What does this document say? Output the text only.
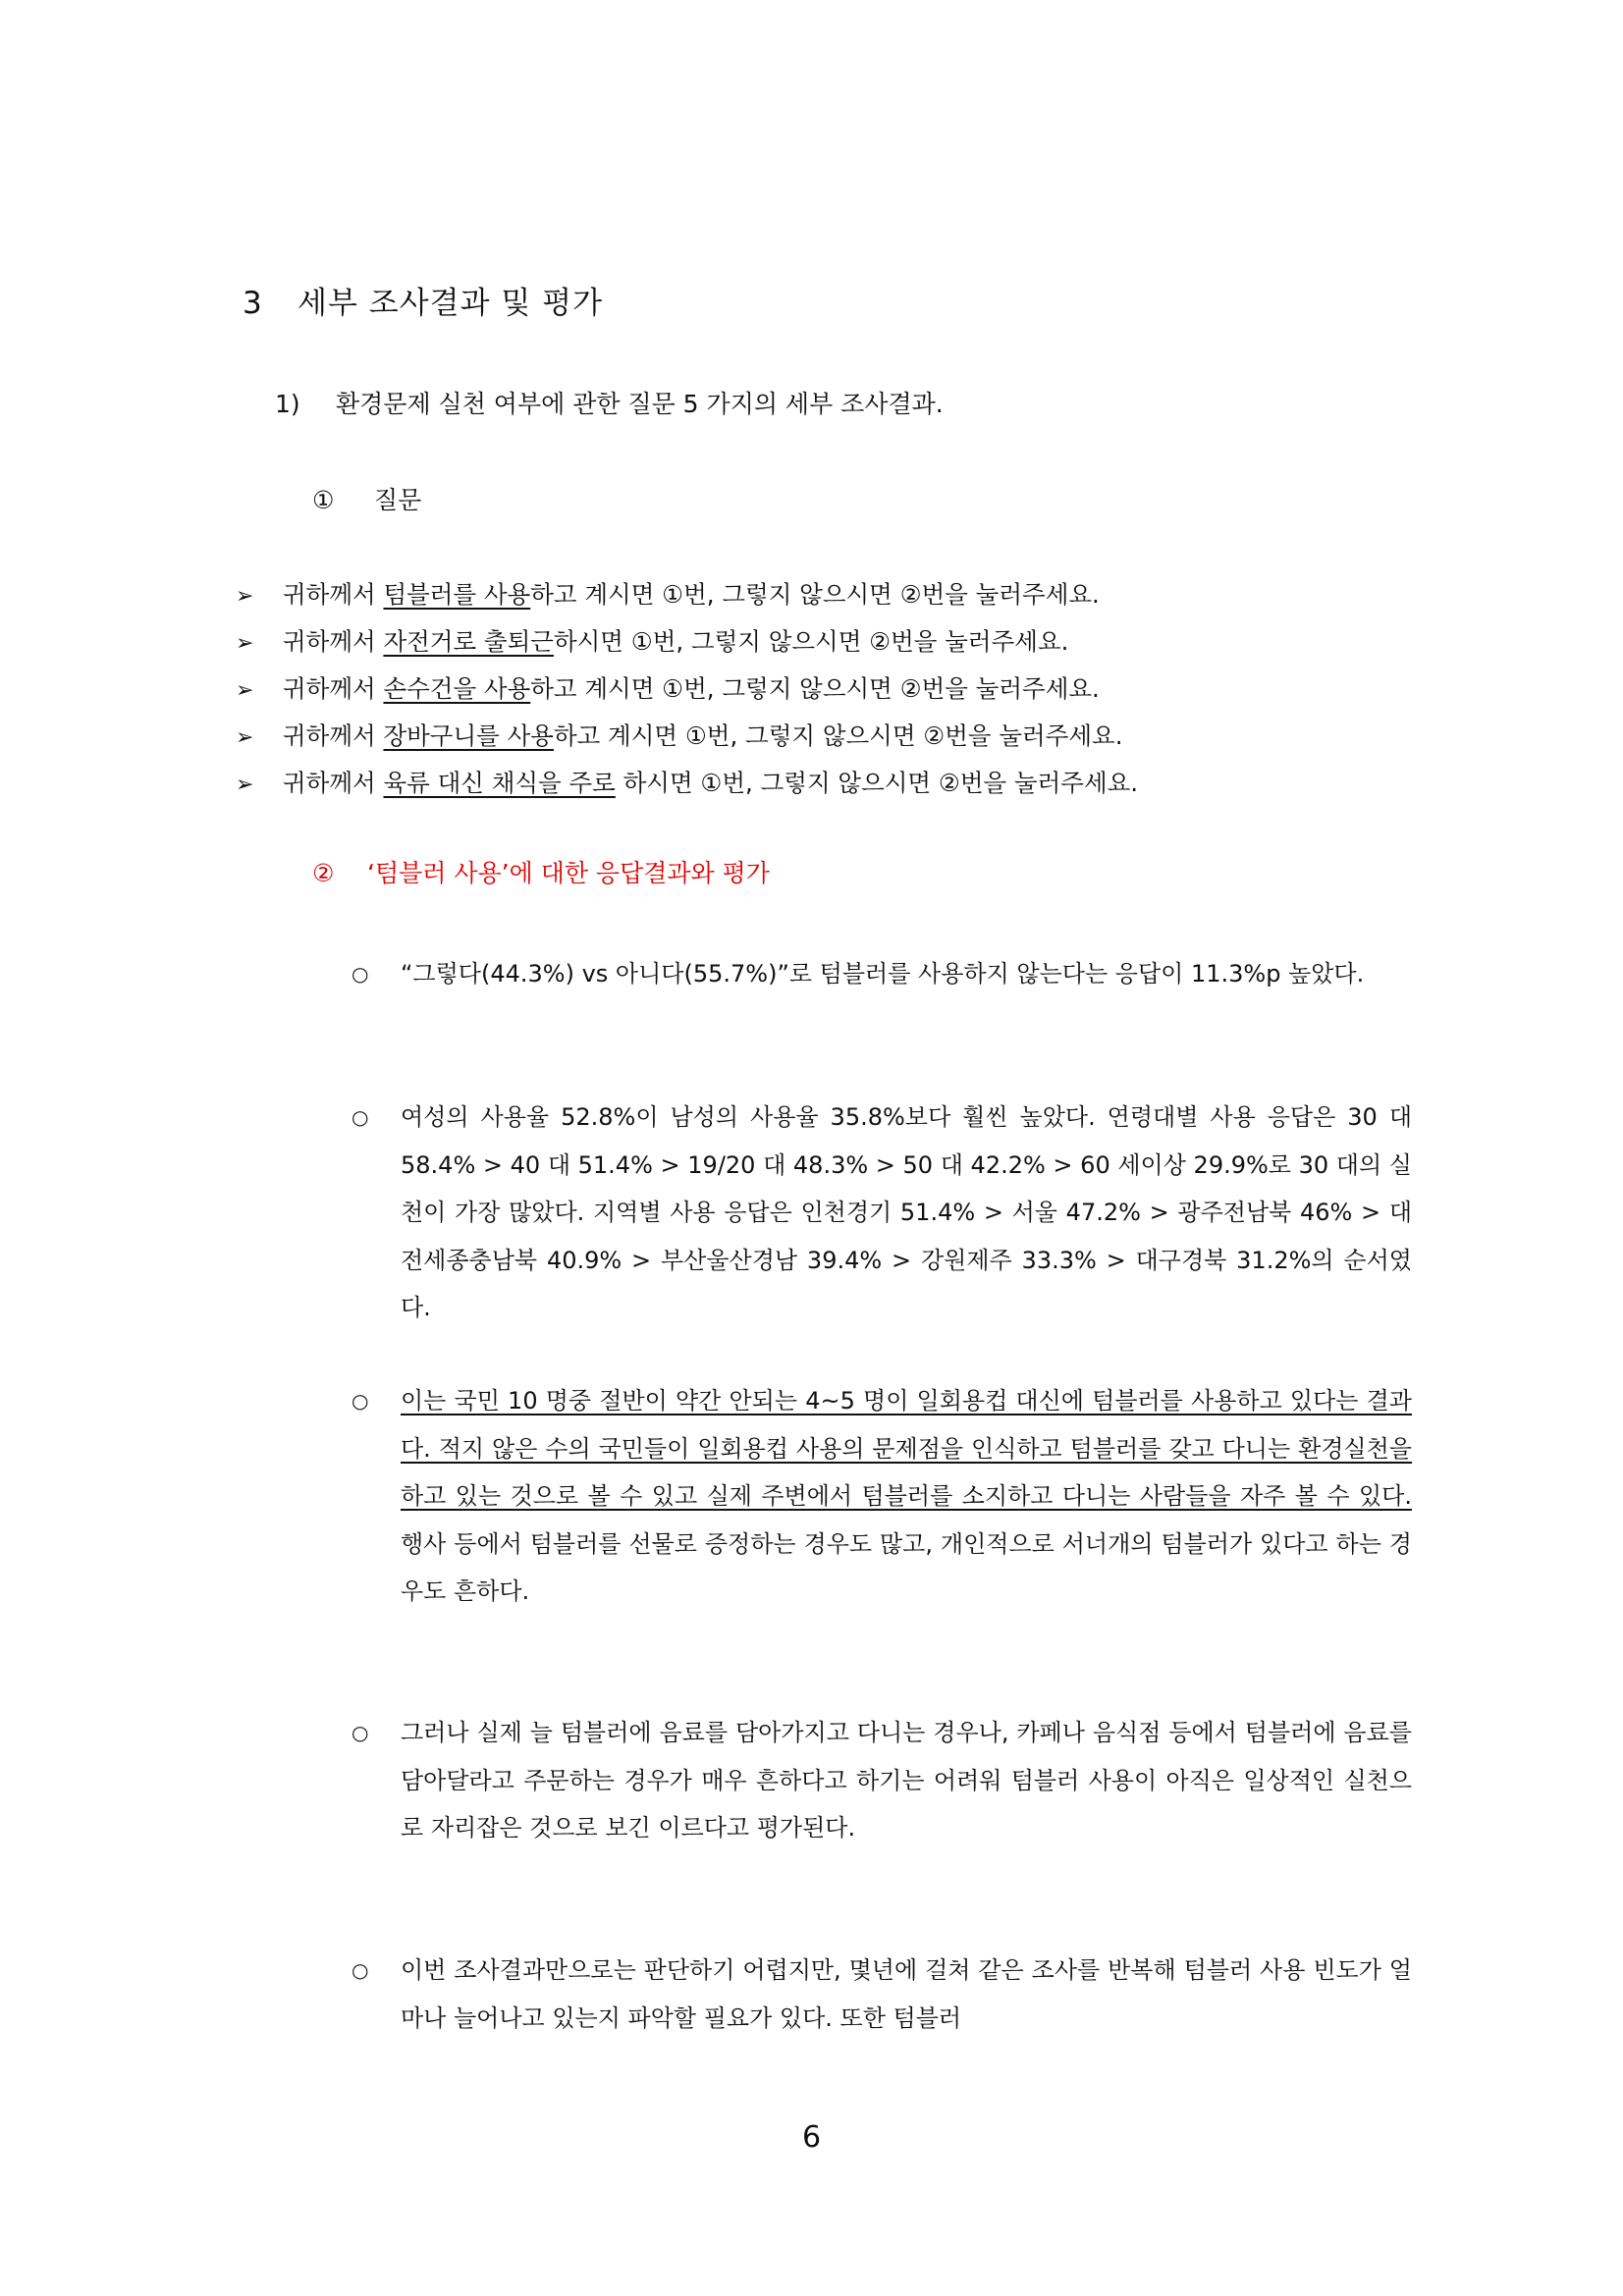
3 세부 조사결과 및 평가
1) 환경문제 실천 여부에 관한 질문 5 가지의 세부 조사결과.
① 질문
➢ 귀하께서 텀블러를 사용하고 계시면 ①번, 그렇지 않으시면 ②번을 눌러주세요.
➢ 귀하께서 자전거로 출퇴근하시면 ①번, 그렇지 않으시면 ②번을 눌러주세요.
➢ 귀하께서 손수건을 사용하고 계시면 ①번, 그렇지 않으시면 ②번을 눌러주세요.
➢ 귀하께서 장바구니를 사용하고 계시면 ①번, 그렇지 않으시면 ②번을 눌러주세요.
➢ 귀하께서 육류 대신 채식을 주로 하시면 ①번, 그렇지 않으시면 ②번을 눌러주세요.
② ‘텀블러 사용’에 대한 응답결과와 평가
○ “그렇다(44.3%) vs 아니다(55.7%)”로 텀블러를 사용하지 않는다는 응답이 11.3%p 높았다.
○ 여성의 사용율 52.8%이 남성의 사용율 35.8%보다 훨씬 높았다. 연령대별 사용 응답은 30 대 58.4% > 40 대 51.4% > 19/20 대 48.3% > 50 대 42.2% > 60 세이상 29.9%로 30 대의 실천이 가장 많았다. 지역별 사용 응답은 인천경기 51.4% > 서울 47.2% > 광주전남북 46% > 대전세종충남북 40.9% > 부산울산경남 39.4% > 강원제주 33.3% > 대구경북 31.2%의 순서였다.
○ 이는 국민 10 명중 절반이 약간 안되는 4~5 명이 일회용컵 대신에 텀블러를 사용하고 있다는 결과다. 적지 않은 수의 국민들이 일회용컵 사용의 문제점을 인식하고 텀블러를 갖고 다니는 환경실천을 하고 있는 것으로 볼 수 있고 실제 주변에서 텀블러를 소지하고 다니는 사람들을 자주 볼 수 있다. 행사 등에서 텀블러를 선물로 증정하는 경우도 많고, 개인적으로 서너개의 텀블러가 있다고 하는 경우도 흔하다.
○ 그러나 실제 늘 텀블러에 음료를 담아가지고 다니는 경우나, 카페나 음식점 등에서 텀블러에 음료를 담아달라고 주문하는 경우가 매우 흔하다고 하기는 어려워 텀블러 사용이 아직은 일상적인 실천으로 자리잡은 것으로 보긴 이르다고 평가된다.
○ 이번 조사결과만으로는 판단하기 어렵지만, 몇년에 걸쳐 같은 조사를 반복해 텀블러 사용 빈도가 얼마나 늘어나고 있는지 파악할 필요가 있다. 또한 텀블러
6
